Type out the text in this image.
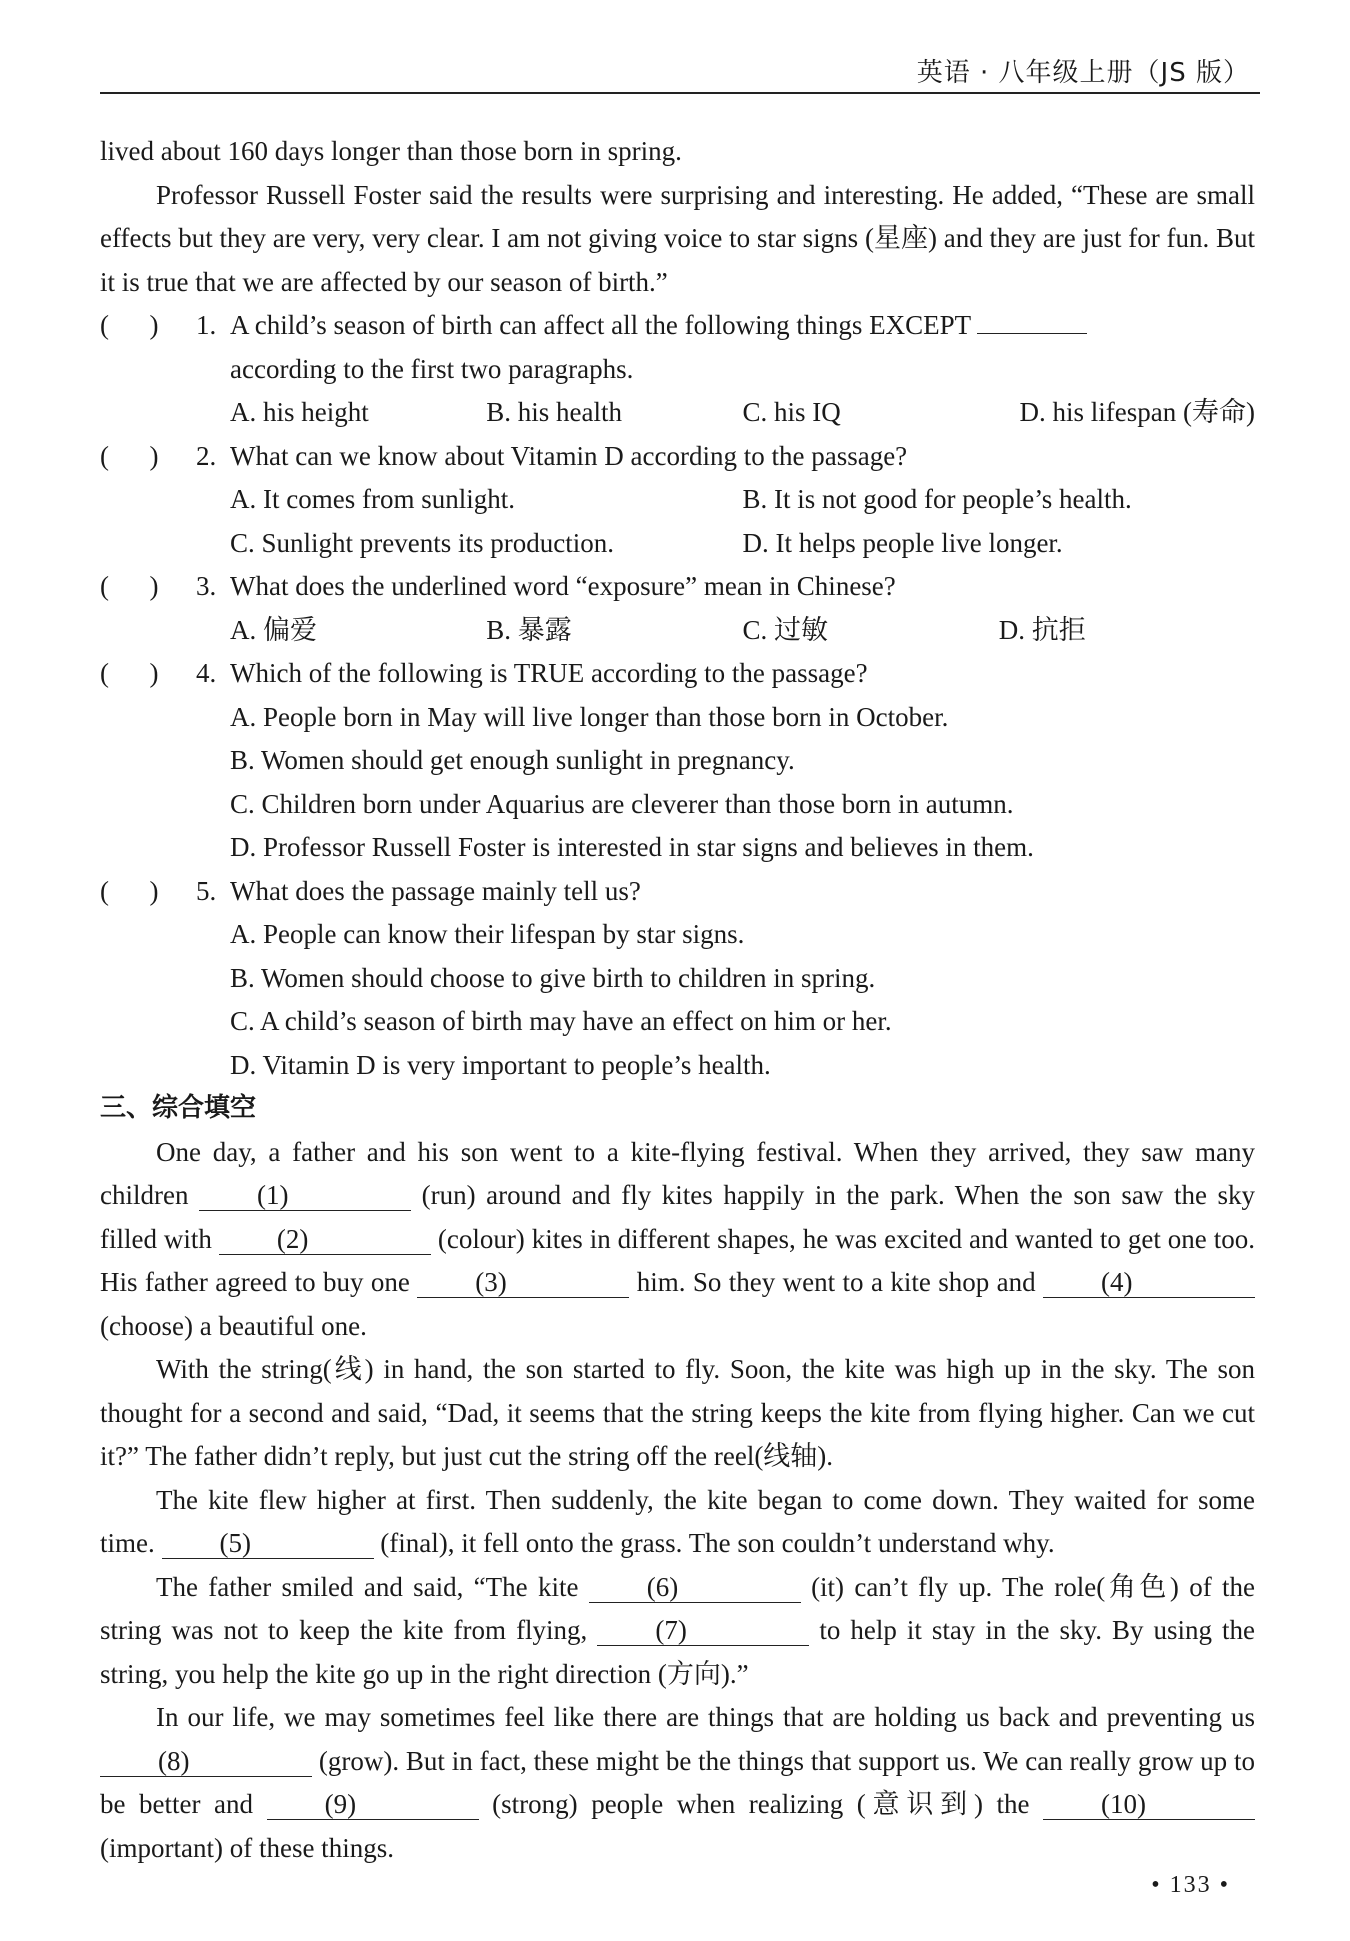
英语 · 八年级上册（JS 版）

lived about 160 days longer than those born in spring.

Professor Russell Foster said the results were surprising and interesting. He added, “These are small effects but they are very, very clear. I am not giving voice to star signs (星座) and they are just for fun. But it is true that we are affected by our season of birth.”

(      ) 1. A child’s season of birth can affect all the following things EXCEPT

according to the first two paragraphs.

A. his height	B. his health	C. his IQ	D. his lifespan (寿命)
(      ) 2. What can we know about Vitamin D according to the passage?
A. It comes from sunlight.	B. It is not good for people’s health.
C. Sunlight prevents its production.	D. It helps people live longer.
(      ) 3. What does the underlined word “exposure” mean in Chinese?
A. 偏爱	B. 暴露	C. 过敏	D. 抗拒
(      ) 4. Which of the following is TRUE according to the passage?

A. People born in May will live longer than those born in October.

B. Women should get enough sunlight in pregnancy.

C. Children born under Aquarius are cleverer than those born in autumn.

D. Professor Russell Foster is interested in star signs and believes in them.

(      ) 5. What does the passage mainly tell us?

A. People can know their lifespan by star signs.

B. Women should choose to give birth to children in spring.

C. A child’s season of birth may have an effect on him or her.

D. Vitamin D is very important to people’s health.

三、综合填空

One day, a father and his son went to a kite-flying festival. When they arrived, they saw many children	(1)	(run) around and fly kites happily in the park. When the son saw the sky filled with (2)	(colour) kites in different shapes, he was excited and wanted to get one too. His father agreed to buy one (3)	him. So they went to a kite shop and (4) (choose) a beautiful one.

With the string(线) in hand, the son started to fly. Soon, the kite was high up in the sky. The son thought for a second and said, “Dad, it seems that the string keeps the kite from flying higher. Can we cut it?” The father didn’t reply, but just cut the string off the reel(线轴).

The kite flew higher at first. Then suddenly, the kite began to come down. They waited for some time. (5)	(final), it fell onto the grass. The son couldn’t understand why.

The father smiled and said, “The kite	(6)	(it) can’t fly up. The role(角色) of the string was not to keep the kite from flying,	(7)	to help it stay in the sky. By using the string, you help the kite go up in the right direction (方向).”

In our life, we may sometimes feel like there are things that are holding us back and preventing us (8)	(grow). But in fact, these might be the things that support us. We can really grow up to be better and	(9)	(strong) people when realizing (意识到) the	(10) (important) of these things.

• 133 •
